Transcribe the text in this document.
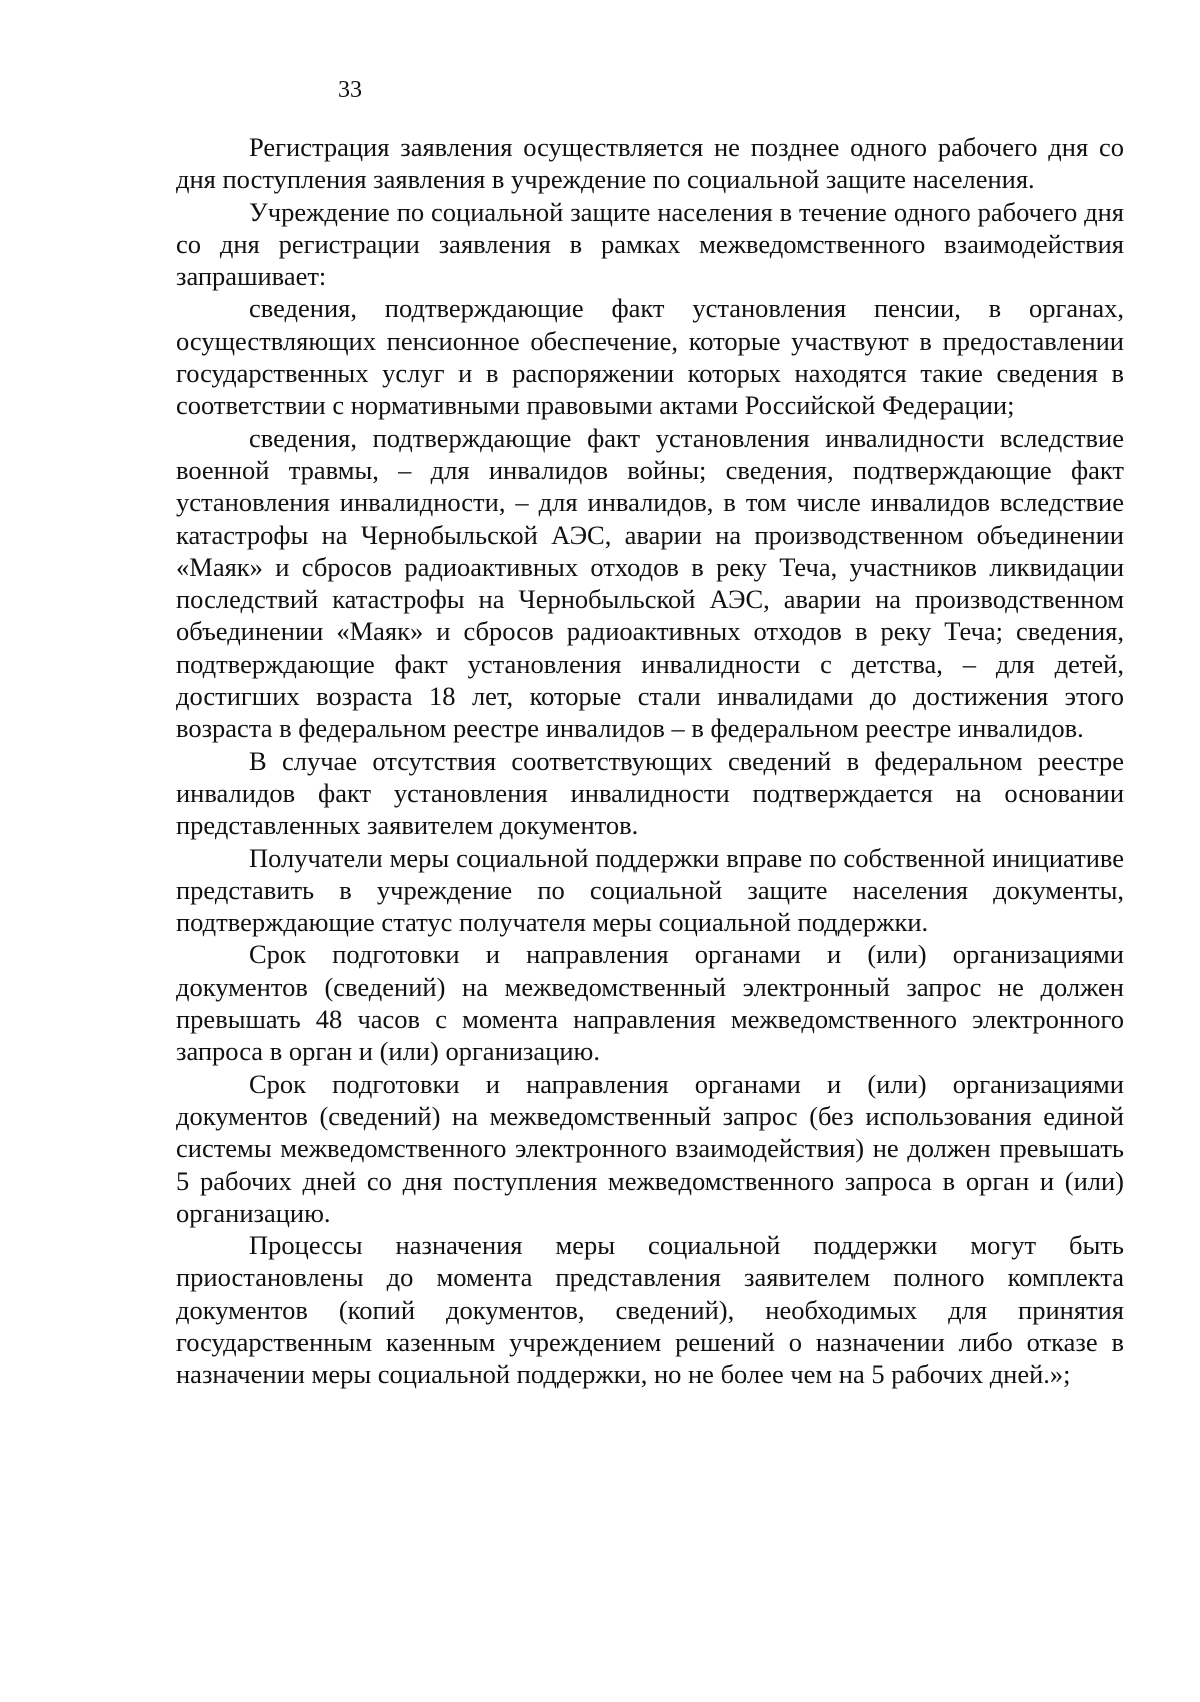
33

Регистрация заявления осуществляется не позднее одного рабочего дня со дня поступления заявления в учреждение по социальной защите населения.

Учреждение по социальной защите населения в течение одного рабочего дня со дня регистрации заявления в рамках межведомственного взаимодействия запрашивает:

сведения, подтверждающие факт установления пенсии, в органах, осуществляющих пенсионное обеспечение, которые участвуют в предоставлении государственных услуг и в распоряжении которых находятся такие сведения в соответствии с нормативными правовыми актами Российской Федерации;

сведения, подтверждающие факт установления инвалидности вследствие военной травмы, – для инвалидов войны; сведения, подтверждающие факт установления инвалидности, – для инвалидов, в том числе инвалидов вследствие катастрофы на Чернобыльской АЭС, аварии на производственном объединении «Маяк» и сбросов радиоактивных отходов в реку Теча, участников ликвидации последствий катастрофы на Чернобыльской АЭС, аварии на производственном объединении «Маяк» и сбросов радиоактивных отходов в реку Теча; сведения, подтверждающие факт установления инвалидности с детства, – для детей, достигших возраста 18 лет, которые стали инвалидами до достижения этого возраста в федеральном реестре инвалидов – в федеральном реестре инвалидов.

В случае отсутствия соответствующих сведений в федеральном реестре инвалидов факт установления инвалидности подтверждается на основании представленных заявителем документов.

Получатели меры социальной поддержки вправе по собственной инициативе представить в учреждение по социальной защите населения документы, подтверждающие статус получателя меры социальной поддержки.

Срок подготовки и направления органами и (или) организациями документов (сведений) на межведомственный электронный запрос не должен превышать 48 часов с момента направления межведомственного электронного запроса в орган и (или) организацию.

Срок подготовки и направления органами и (или) организациями документов (сведений) на межведомственный запрос (без использования единой системы межведомственного электронного взаимодействия) не должен превышать 5 рабочих дней со дня поступления межведомственного запроса в орган и (или) организацию.

Процессы назначения меры социальной поддержки могут быть приостановлены до момента представления заявителем полного комплекта документов (копий документов, сведений), необходимых для принятия государственным казенным учреждением решений о назначении либо отказе в назначении меры социальной поддержки, но не более чем на 5 рабочих дней.»;
